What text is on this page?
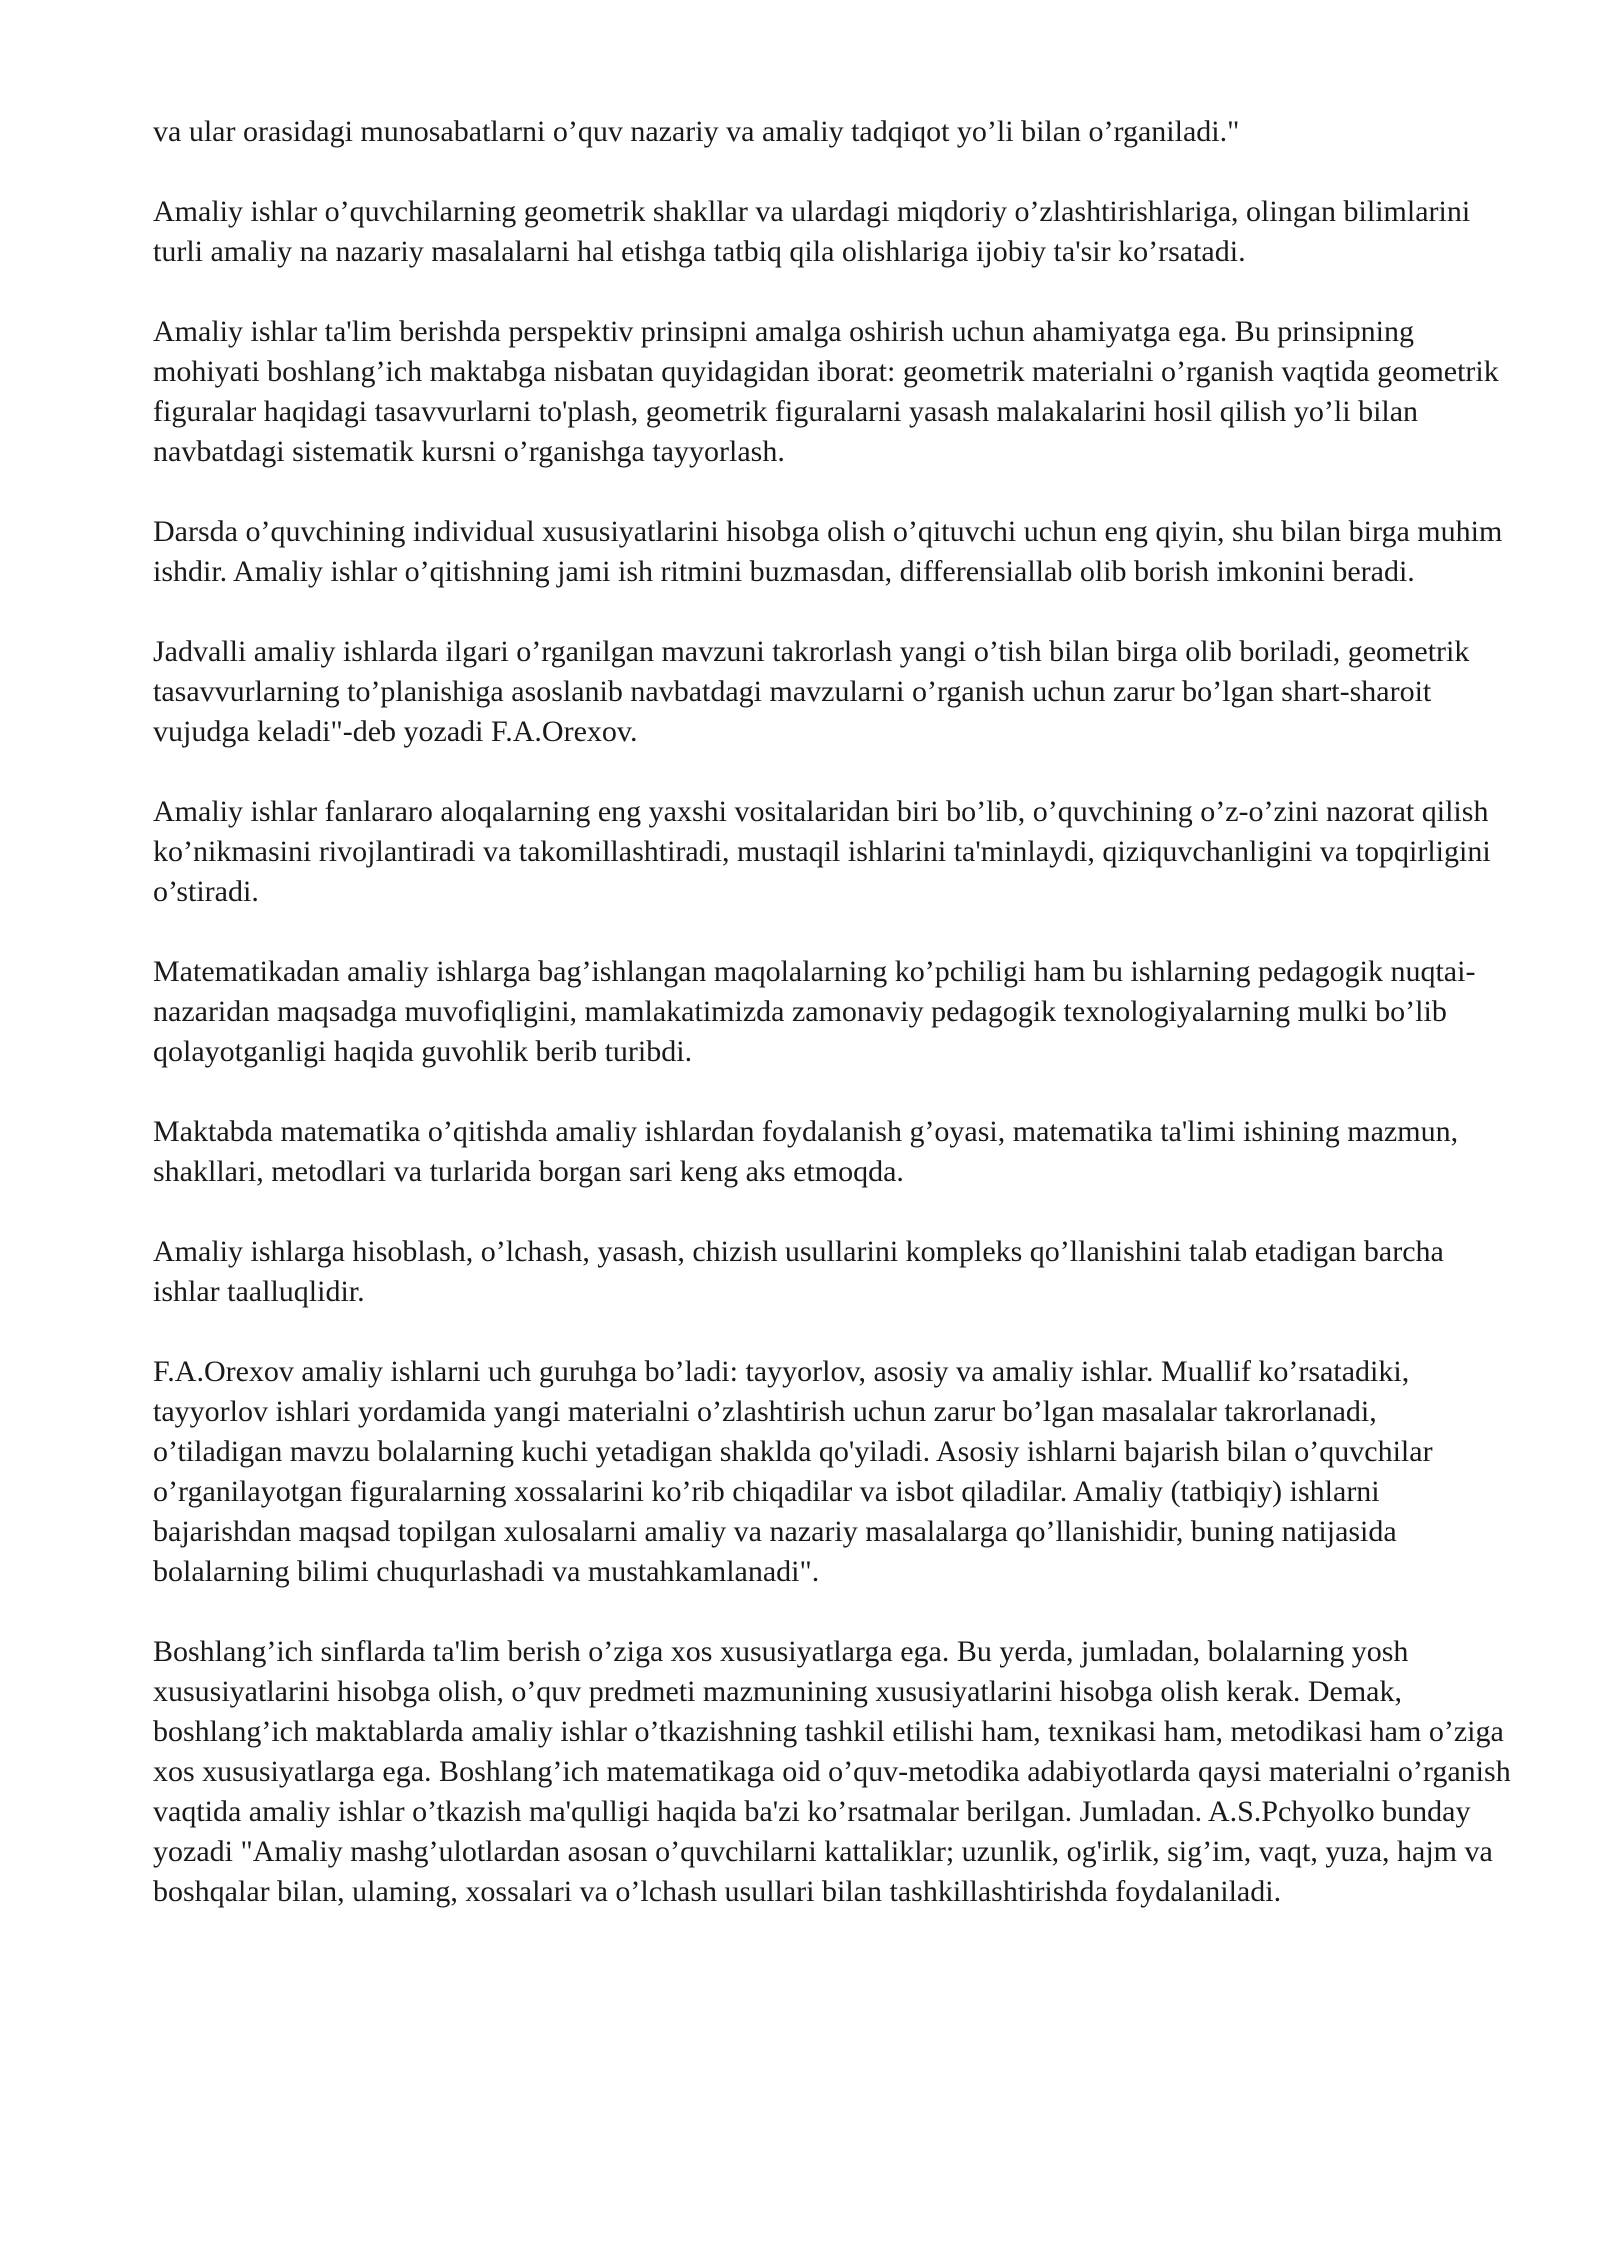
va ular orasidagi munosabatlarni o’quv nazariy va amaliy tadqiqot yo’li bilan o’rganiladi."

Amaliy ishlar o’quvchilarning geometrik shakllar va ulardagi miqdoriy o’zlashtirishlariga, olingan bilimlarini turli amaliy na nazariy masalalarni hal etishga tatbiq qila olishlariga ijobiy ta'sir ko’rsatadi.

Amaliy ishlar ta'lim berishda perspektiv prinsipni amalga oshirish uchun ahamiyatga ega. Bu prinsipning mohiyati boshlang’ich maktabga nisbatan quyidagidan iborat: geometrik materialni o’rganish vaqtida geometrik figuralar haqidagi tasavvurlarni to'plash, geometrik figuralarni yasash malakalarini hosil qilish yo’li bilan navbatdagi sistematik kursni o’rganishga tayyorlash.

Darsda o’quvchining individual xususiyatlarini hisobga olish o’qituvchi uchun eng qiyin, shu bilan birga muhim ishdir. Amaliy ishlar o’qitishning jami ish ritmini buzmasdan, differensiallab olib borish imkonini beradi.

Jadvalli amaliy ishlarda ilgari o’rganilgan mavzuni takrorlash yangi o’tish bilan birga olib boriladi, geometrik tasavvurlarning to’planishiga asoslanib navbatdagi mavzularni o’rganish uchun zarur bo’lgan shart-sharoit vujudga keladi"-deb yozadi F.A.Orexov.

Amaliy ishlar fanlararo aloqalarning eng yaxshi vositalaridan biri bo’lib, o’quvchining o’z-o’zini nazorat qilish ko’nikmasini rivojlantiradi va takomillashtiradi, mustaqil ishlarini ta'minlaydi, qiziquvchanligini va topqirligini o’stiradi.

Matematikadan amaliy ishlarga bag’ishlangan maqolalarning ko’pchiligi ham bu ishlarning pedagogik nuqtai-nazaridan maqsadga muvofiqligini, mamlakatimizda zamonaviy pedagogik texnologiyalarning mulki bo’lib qolayotganligi haqida guvohlik berib turibdi.

Maktabda matematika o’qitishda amaliy ishlardan foydalanish g’oyasi, matematika ta'limi ishining mazmun, shakllari, metodlari va turlarida borgan sari keng aks etmoqda.

Amaliy ishlarga hisoblash, o’lchash, yasash, chizish usullarini kompleks qo’llanishini talab etadigan barcha ishlar taalluqlidir.

F.A.Orexov amaliy ishlarni uch guruhga bo’ladi: tayyorlov, asosiy va amaliy ishlar. Muallif ko’rsatadiki, tayyorlov ishlari yordamida yangi materialni o’zlashtirish uchun zarur bo’lgan masalalar takrorlanadi, o’tiladigan mavzu bolalarning kuchi yetadigan shaklda qo'yiladi. Asosiy ishlarni bajarish bilan o’quvchilar o’rganilayotgan figuralarning xossalarini ko’rib chiqadilar va isbot qiladilar. Amaliy (tatbiqiy) ishlarni bajarishdan maqsad topilgan xulosalarni amaliy va nazariy masalalarga qo’llanishidir, buning natijasida bolalarning bilimi chuqurlashadi va mustahkamlanadi".

Boshlang’ich sinflarda ta'lim berish o’ziga xos xususiyatlarga ega. Bu yerda, jumladan, bolalarning yosh xususiyatlarini hisobga olish, o’quv predmeti mazmunining xususiyatlarini hisobga olish kerak. Demak, boshlang’ich maktablarda amaliy ishlar o’tkazishning tashkil etilishi ham, texnikasi ham, metodikasi ham o’ziga xos xususiyatlarga ega. Boshlang’ich matematikaga oid o’quv-metodika adabiyotlarda qaysi materialni o’rganish vaqtida amaliy ishlar o’tkazish ma'qulligi haqida ba'zi ko’rsatmalar berilgan. Jumladan. A.S.Pchyolko bunday yozadi "Amaliy mashg’ulotlardan asosan o’quvchilarni kattaliklar; uzunlik, og'irlik, sig’im, vaqt, yuza, hajm va boshqalar bilan, ulaming, xossalari va o’lchash usullari bilan tashkillashtirishda foydalaniladi.
